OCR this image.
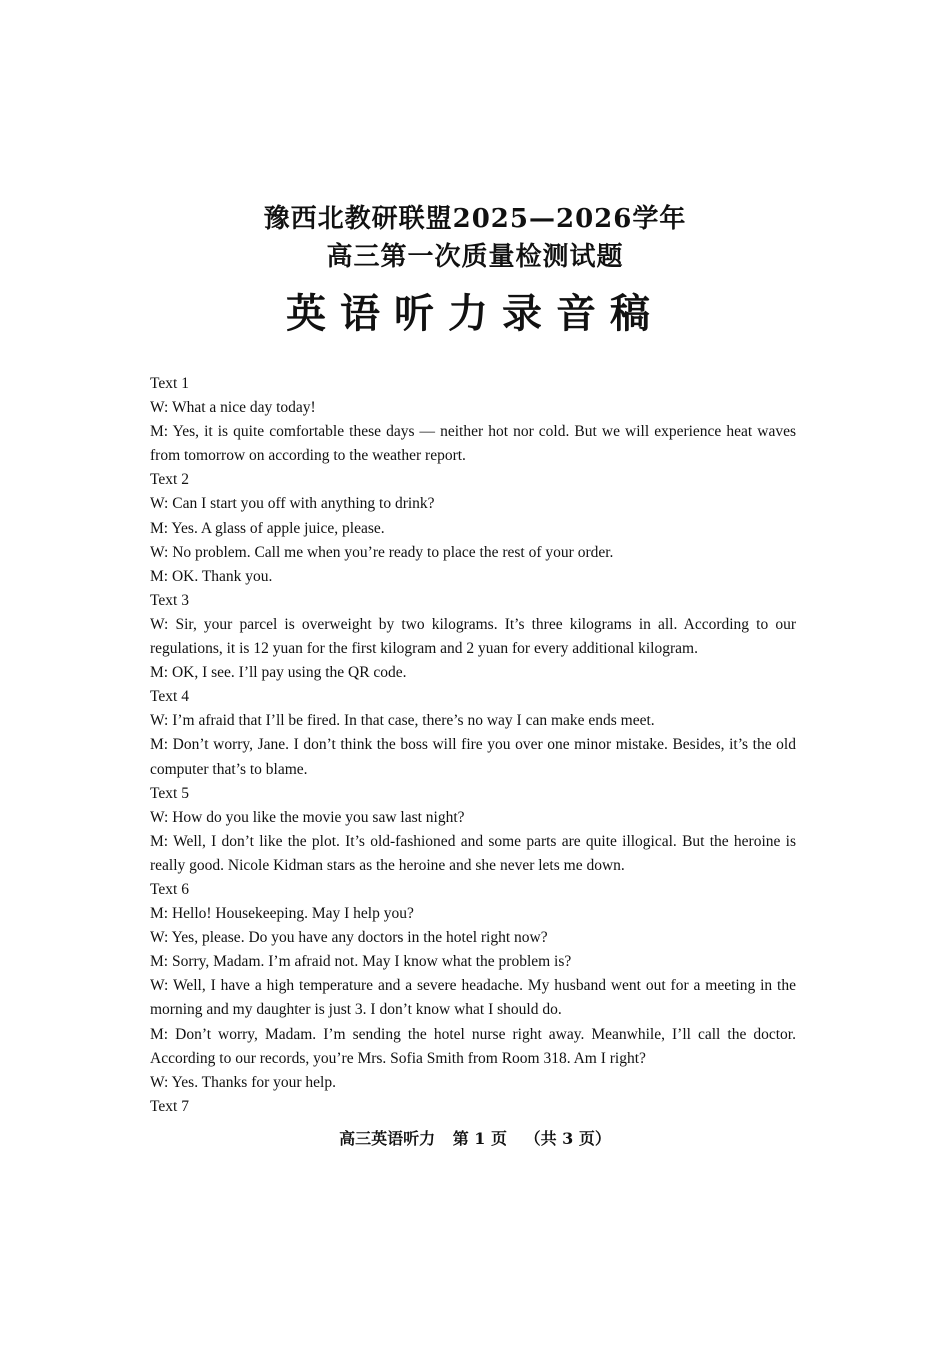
豫西北教研联盟2025—2026学年
高三第一次质量检测试题
英语听力录音稿
Text 1
W: What a nice day today!
M: Yes, it is quite comfortable these days — neither hot nor cold. But we will experience heat waves from tomorrow on according to the weather report.
Text 2
W: Can I start you off with anything to drink?
M: Yes. A glass of apple juice, please.
W: No problem. Call me when you’re ready to place the rest of your order.
M: OK. Thank you.
Text 3
W: Sir, your parcel is overweight by two kilograms. It’s three kilograms in all. According to our regulations, it is 12 yuan for the first kilogram and 2 yuan for every additional kilogram.
M: OK, I see. I’ll pay using the QR code.
Text 4
W: I’m afraid that I’ll be fired. In that case, there’s no way I can make ends meet.
M: Don’t worry, Jane. I don’t think the boss will fire you over one minor mistake. Besides, it’s the old computer that’s to blame.
Text 5
W: How do you like the movie you saw last night?
M: Well, I don’t like the plot. It’s old-fashioned and some parts are quite illogical. But the heroine is really good. Nicole Kidman stars as the heroine and she never lets me down.
Text 6
M: Hello! Housekeeping. May I help you?
W: Yes, please. Do you have any doctors in the hotel right now?
M: Sorry, Madam. I’m afraid not. May I know what the problem is?
W: Well, I have a high temperature and a severe headache. My husband went out for a meeting in the morning and my daughter is just 3. I don’t know what I should do.
M: Don’t worry, Madam. I’m sending the hotel nurse right away. Meanwhile, I’ll call the doctor. According to our records, you’re Mrs. Sofia Smith from Room 318. Am I right?
W: Yes. Thanks for your help.
Text 7
高三英语听力 第 1 页 （共 3 页）
